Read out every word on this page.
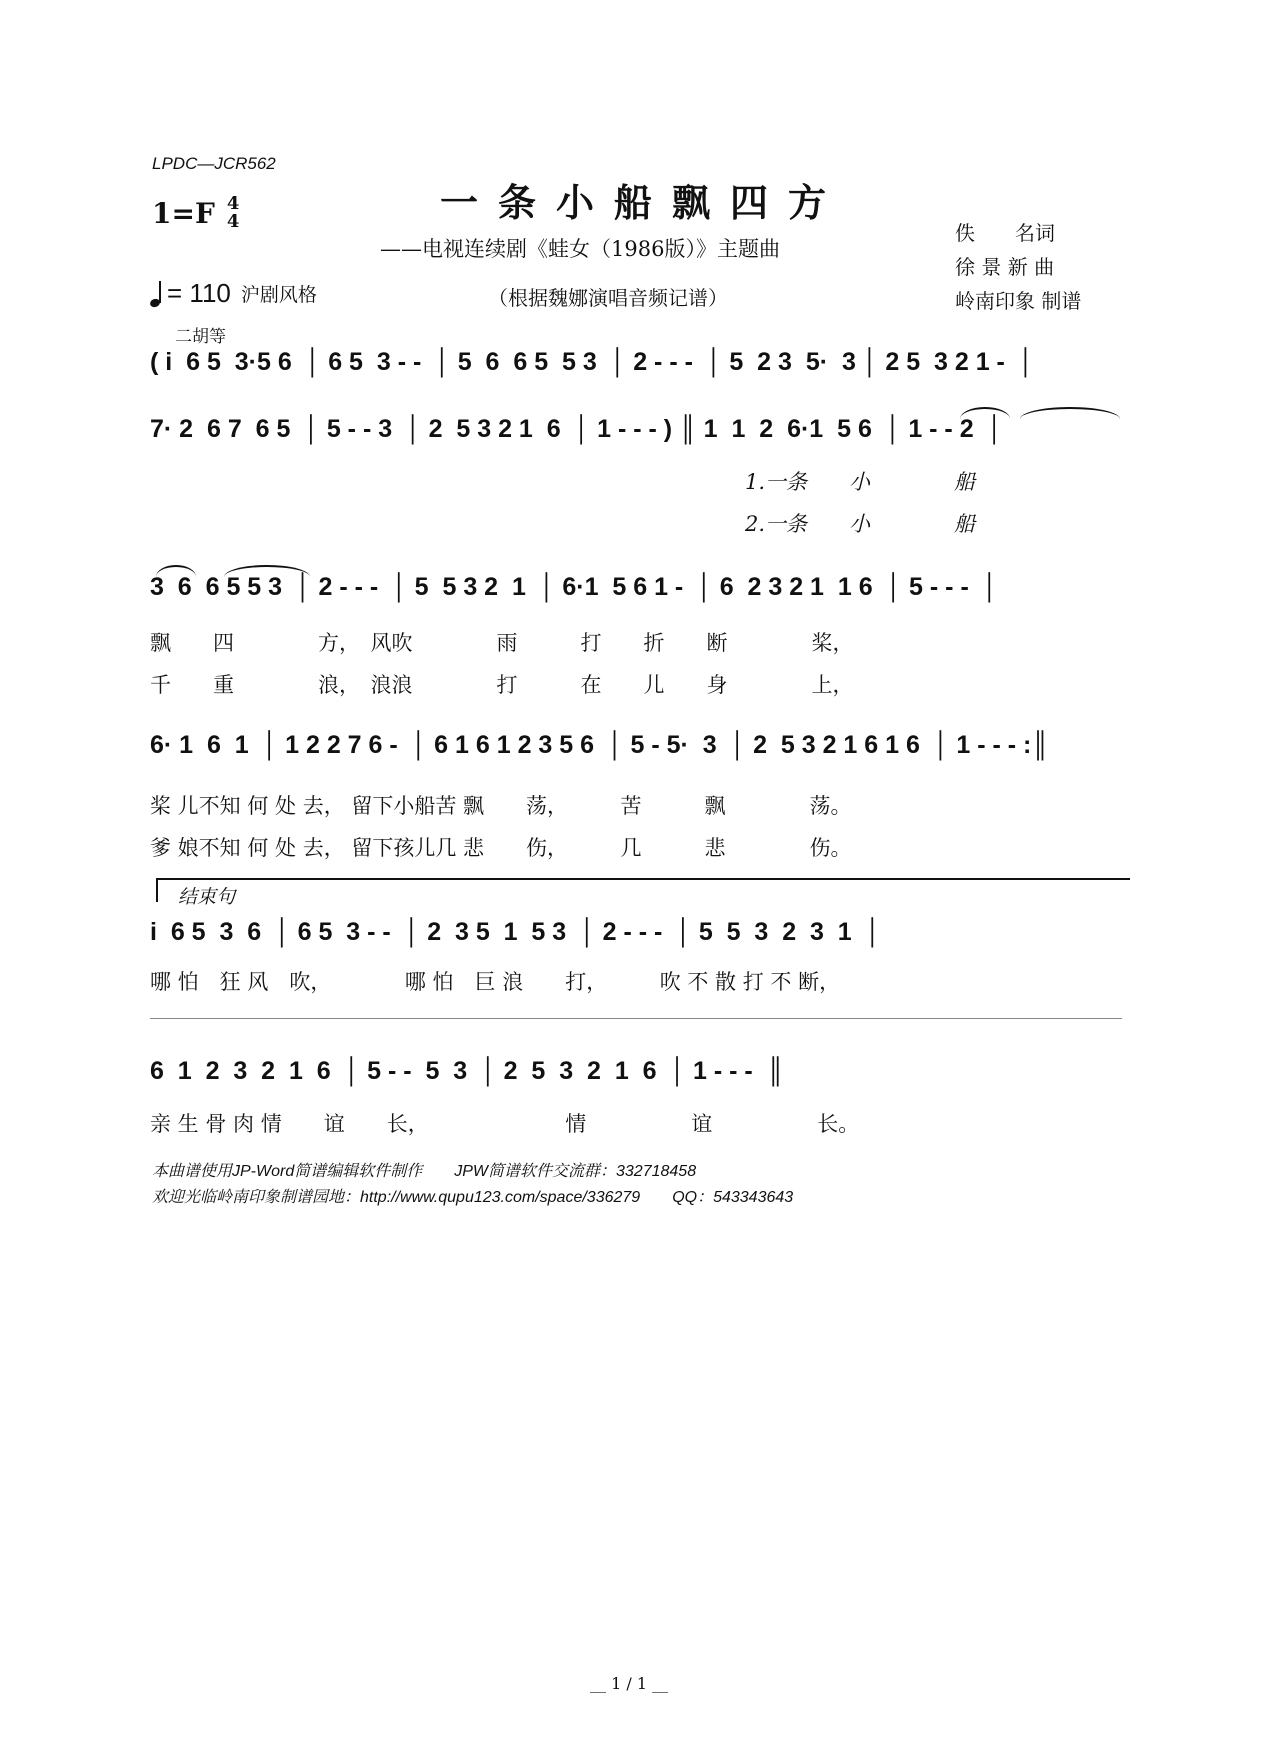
LPDC—JCR562
1=F 4
4
= 110 沪剧风格
一条小船飘四方
——电视连续剧《蛙女（1986版）》主题曲
（根据魏娜演唱音频记谱）
佚　　名词
徐 景 新 曲
岭南印象 制谱
二胡等
( i  6 5  3·5 6  │ 6 5  3 - -  │ 5  6  6 5  5 3  │ 2 - - -  │ 5  2 3  5·  3 │ 2 5  3 2 1 -  │
7· 2  6 7  6 5  │ 5 - - 3  │ 2  5 3 2 1  6  │ 1 - - - ) ║ 1  1  2  6·1  5 6  │ 1 - - 2  │
1.一条　　小　　　　船
2.一条　　小　　　　船
3  6  6 5 5 3  │ 2 - - -  │ 5  5 3 2  1  │ 6·1  5 6 1 -  │ 6  2 3 2 1  1 6  │ 5 - - -  │
飘　　四　　　　方，　风吹　　　　雨　　　打　　折　　断　　　　桨，
千　　重　　　　浪，　浪浪　　　　打　　　在　　儿　　身　　　　上，
6· 1  6  1  │ 1 2 2 7 6 -  │ 6 1 6 1 2 3 5 6  │ 5 - 5·  3  │ 2  5 3 2 1 6 1 6  │ 1 - - - :║
桨 儿不知 何 处 去， 留下小船苦 飘　　荡，　　　苦　　　飘　　　　荡。
爹 娘不知 何 处 去， 留下孩儿几 悲　　伤，　　　几　　　悲　　　　伤。
结束句
i  6 5  3  6  │ 6 5  3 - -  │ 2  3 5  1  5 3  │ 2 - - -  │ 5  5  3  2  3  1  │
哪 怕　狂 风　吹，　　　　哪 怕　巨 浪　　打，　　　吹 不 散 打 不 断，
6  1  2  3  2  1  6  │ 5 - -  5  3  │ 2  5  3  2  1  6  │ 1 - - -  ║
亲 生 骨 肉 情　　谊　　长，　　　　　　　情　　　　　谊　　　　　长。
本曲谱使用JP-Word简谱编辑软件制作　　JPW简谱软件交流群：332718458
欢迎光临岭南印象制谱园地：http://www.qupu123.com/space/336279　　QQ：543343643
__ 1 / 1 __
